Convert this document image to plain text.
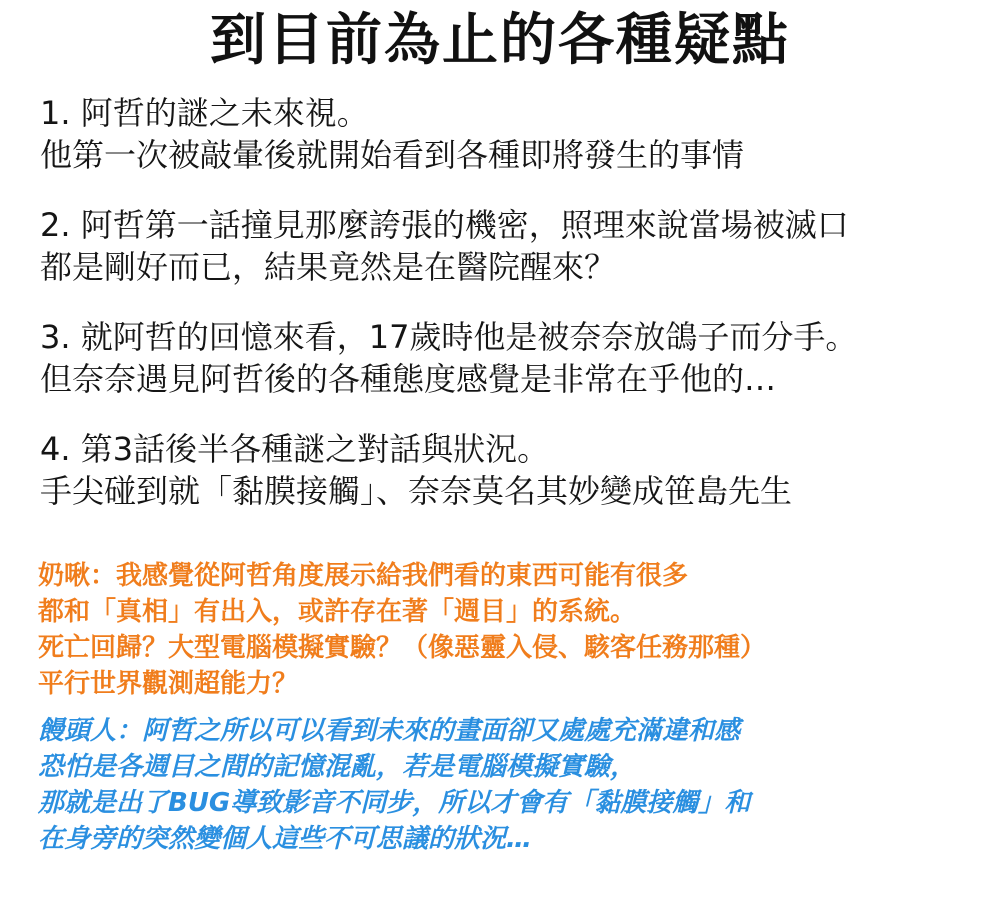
到目前為止的各種疑點
1. 阿哲的謎之未來視。
他第一次被敲暈後就開始看到各種即將發生的事情
2. 阿哲第一話撞見那麼誇張的機密，照理來說當場被滅口
都是剛好而已，結果竟然是在醫院醒來？
3. 就阿哲的回憶來看，17歲時他是被奈奈放鴿子而分手。
但奈奈遇見阿哲後的各種態度感覺是非常在乎他的…
4. 第3話後半各種謎之對話與狀況。
手尖碰到就「黏膜接觸」、奈奈莫名其妙變成笹島先生
奶啾：我感覺從阿哲角度展示給我們看的東西可能有很多
都和「真相」有出入，或許存在著「週目」的系統。
死亡回歸？大型電腦模擬實驗？（像惡靈入侵、駭客任務那種）
平行世界觀測超能力？
饅頭人：阿哲之所以可以看到未來的畫面卻又處處充滿違和感
恐怕是各週目之間的記憶混亂，若是電腦模擬實驗，
那就是出了BUG導致影音不同步，所以才會有「黏膜接觸」和
在身旁的突然變個人這些不可思議的狀況…
